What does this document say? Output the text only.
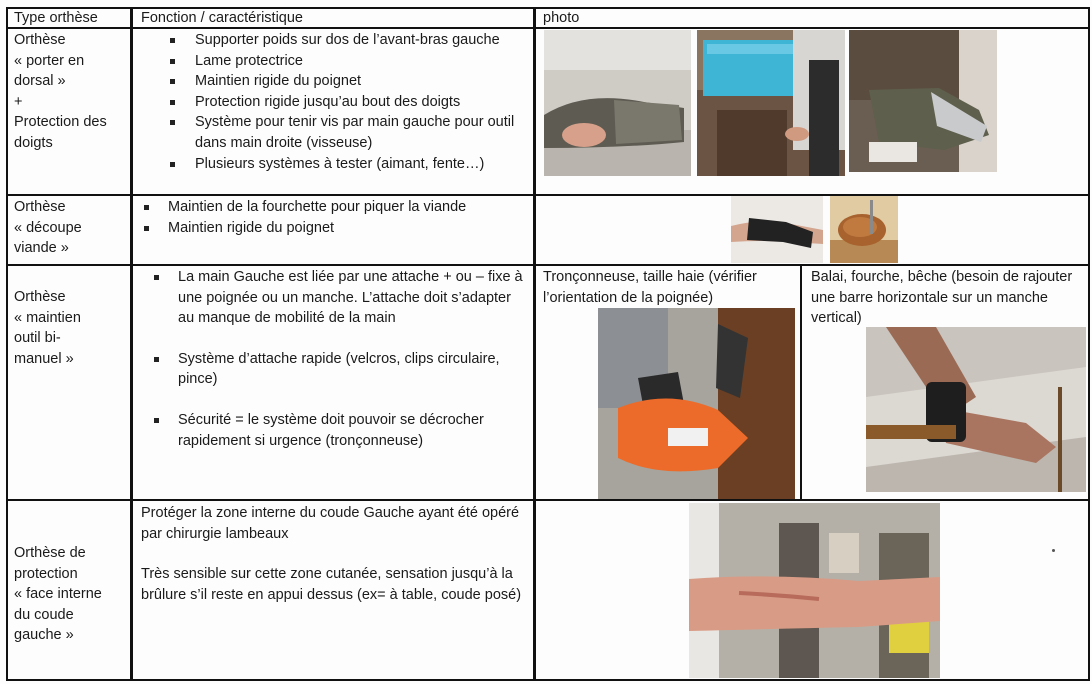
Type orthèse	Fonction / caractéristique	photo
Orthèse
« porter en
dorsal »
+
Protection des
doigts
Supporter poids sur dos de l’avant-bras gauche
Lame protectrice
Maintien rigide du poignet
Protection rigide jusqu’au bout des doigts
Système pour tenir vis par main gauche pour outil dans main droite (visseuse)
Plusieurs systèmes à tester (aimant, fente…)
Orthèse
« découpe
viande »
Maintien de la fourchette pour piquer la viande
Maintien rigide du poignet
Orthèse
« maintien
outil bi-
manuel »
La main Gauche est liée par une attache + ou – fixe à une poignée ou un manche. L’attache doit s’adapter au manque de mobilité de la main
Système d’attache rapide (velcros, clips circulaire, pince)
Sécurité = le système doit pouvoir se décrocher rapidement si urgence (tronçonneuse)
Tronçonneuse, taille haie (vérifier l’orientation de la poignée)
Balai, fourche, bêche (besoin de rajouter une barre horizontale sur un manche vertical)
Orthèse de
protection
« face interne
du coude
gauche »

Protéger la zone interne du coude Gauche ayant été opéré par chirurgie lambeaux

Très sensible sur cette zone cutanée, sensation jusqu’à la brûlure s’il reste en appui dessus (ex= à table, coude posé)
